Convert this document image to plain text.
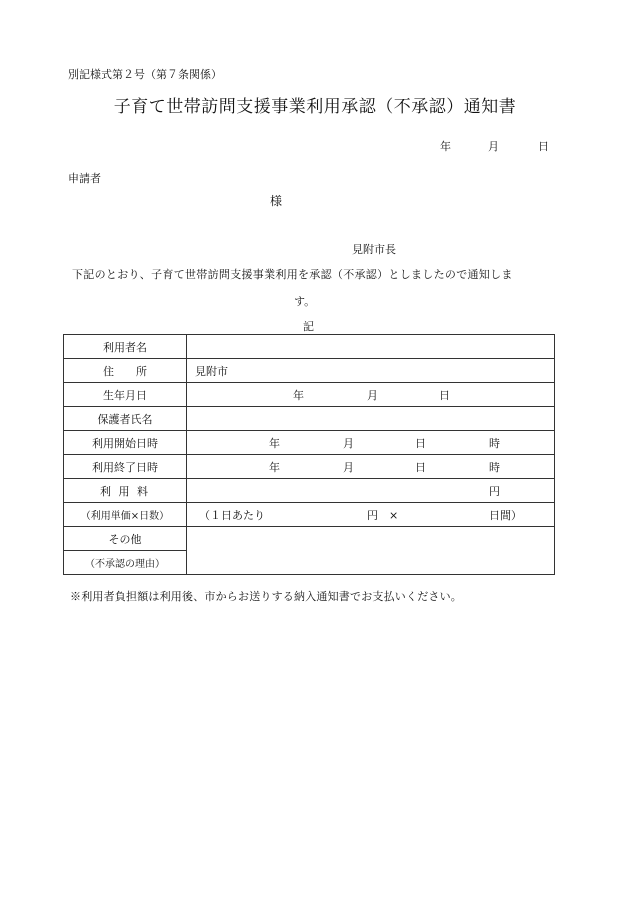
別記様式第２号（第７条関係）
子育て世帯訪問支援事業利用承認（不承認）通知書
年	月	日
申請者
様
見附市長
下記のとおり、子育て世帯訪問支援事業利用を承認（不承認）としましたので通知しま
す。
記
利用者名	
住　　所	見附市

生年月日	年 月 日

保護者氏名	
利用開始日時	年 月 日 時

利用終了日時	年 月 日 時

利 用 料	円

（利用単価×日数）	（１日あたり 円　× 日間）

その他	
（不承認の理由）	
※利用者負担額は利用後、市からお送りする納入通知書でお支払いください。
